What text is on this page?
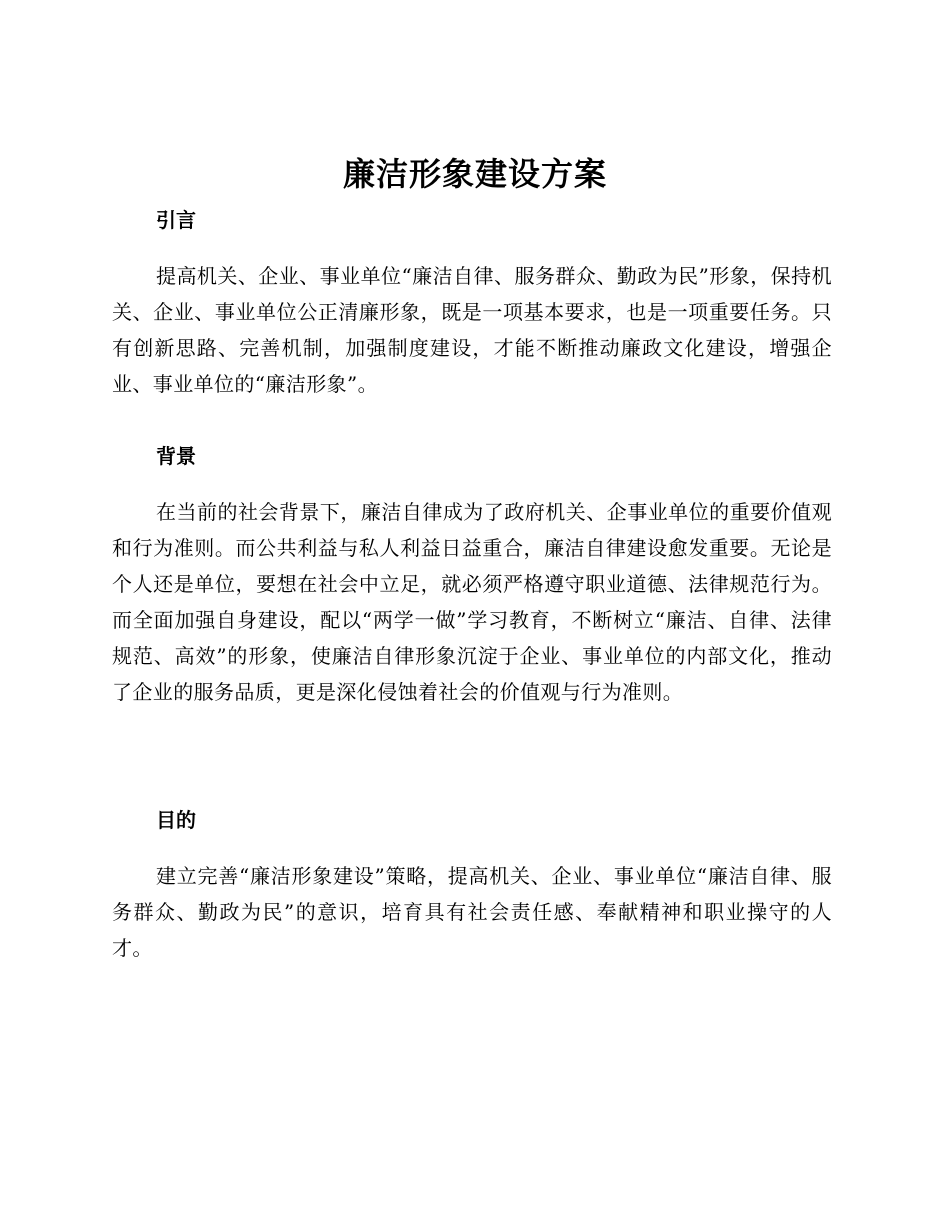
廉洁形象建设方案
引言

提高机关、企业、事业单位“廉洁自律、服务群众、勤政为民”形象，保持机关、企业、事业单位公正清廉形象，既是一项基本要求，也是一项重要任务。只有创新思路、完善机制，加强制度建设，才能不断推动廉政文化建设，增强企业、事业单位的“廉洁形象”。

背景

在当前的社会背景下，廉洁自律成为了政府机关、企事业单位的重要价值观和行为准则。而公共利益与私人利益日益重合，廉洁自律建设愈发重要。无论是个人还是单位，要想在社会中立足，就必须严格遵守职业道德、法律规范行为。而全面加强自身建设，配以“两学一做”学习教育，不断树立“廉洁、自律、法律规范、高效”的形象，使廉洁自律形象沉淀于企业、事业单位的内部文化，推动了企业的服务品质，更是深化侵蚀着社会的价值观与行为准则。

目的

建立完善“廉洁形象建设”策略，提高机关、企业、事业单位“廉洁自律、服务群众、勤政为民”的意识，培育具有社会责任感、奉献精神和职业操守的人才。
